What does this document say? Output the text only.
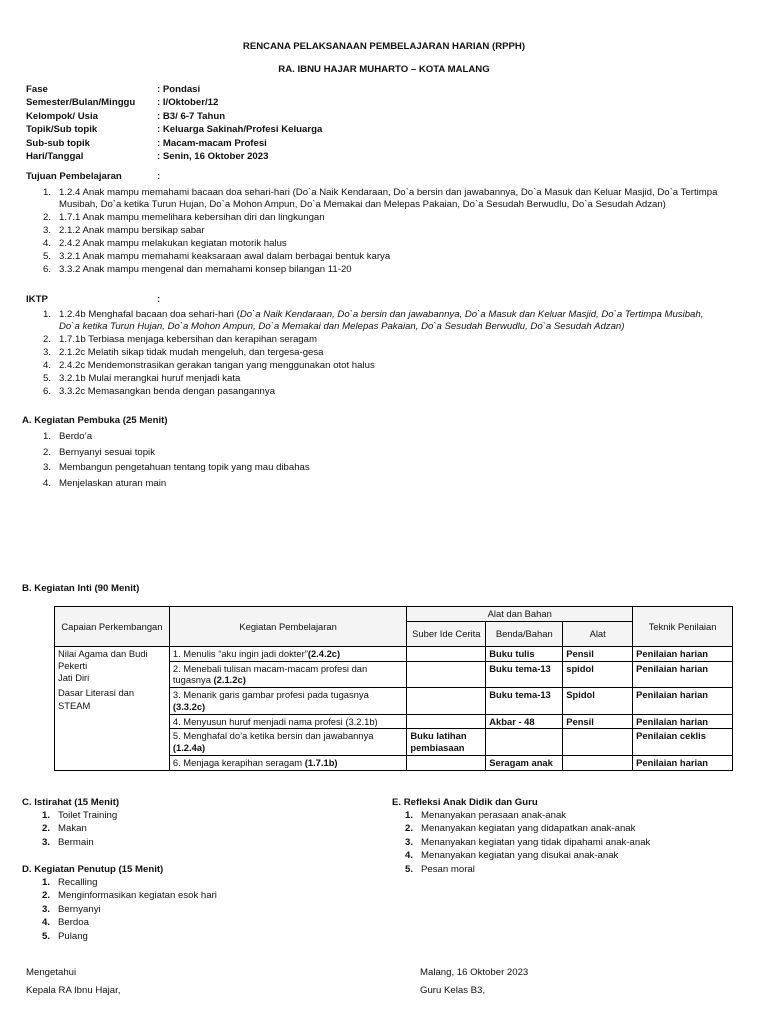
RENCANA PELAKSANAAN PEMBELAJARAN HARIAN (RPPH)
RA. IBNU HAJAR MUHARTO – KOTA MALANG
Fase	: Pondasi
Semester/Bulan/Minggu	: I/Oktober/12
Kelompok/ Usia	: B3/ 6-7 Tahun
Topik/Sub topik	: Keluarga Sakinah/Profesi Keluarga
Sub-sub topik	: Macam-macam Profesi
Hari/Tanggal	: Senin, 16 Oktober 2023
Tujuan Pembelajaran	:
1. 1.2.4 Anak mampu memahami bacaan doa sehari-hari (Do`a Naik Kendaraan, Do`a bersin dan jawabannya, Do`a Masuk dan Keluar Masjid, Do`a Tertimpa
Musibah, Do`a ketika Turun Hujan, Do`a Mohon Ampun, Do`a Memakai dan Melepas Pakaian, Do`a Sesudah Berwudlu, Do`a Sesudah Adzan)
2. 1.7.1 Anak mampu memelihara kebersihan diri dan lingkungan
3. 2.1.2 Anak mampu bersikap sabar
4. 2.4.2 Anak mampu melakukan kegiatan motorik halus
5. 3.2.1 Anak mampu memahami keaksaraan awal dalam berbagai bentuk karya
6. 3.3.2 Anak mampu mengenal dan memahami konsep bilangan 11-20
IKTP	:
1. 1.2.4b Menghafal bacaan doa sehari-hari (Do`a Naik Kendaraan, Do`a bersin dan jawabannya, Do`a Masuk dan Keluar Masjid, Do`a Tertimpa Musibah,
Do`a ketika Turun Hujan, Do`a Mohon Ampun, Do`a Memakai dan Melepas Pakaian, Do`a Sesudah Berwudlu, Do`a Sesudah Adzan)
2. 1.7.1b Terbiasa menjaga kebersihan dan kerapihan seragam
3. 2.1.2c Melatih sikap tidak mudah mengeluh, dan tergesa-gesa
4. 2.4.2c Mendemonstrasikan gerakan tangan yang menggunakan otot halus
5. 3.2.1b Mulai merangkai huruf menjadi kata
6. 3.3.2c Memasangkan benda dengan pasangannya
A. Kegiatan Pembuka (25 Menit)
1. Berdo’a
2. Bernyanyi sesuai topik
3. Membangun pengetahuan tentang topik yang mau dibahas
4. Menjelaskan aturan main
B. Kegiatan Inti (90 Menit)
Capaian Perkembangan	Kegiatan Pembelajaran	Alat dan Bahan			Teknik Penilaian
		Suber Ide Cerita	Benda/Bahan	Alat	

Nilai Agama dan Budi
Pekerti
Jati Diri
Dasar Literasi dan
STEAM	1. Menulis “aku ingin jadi dokter”(2.4.2c)		Buku tulis	Pensil	Penilaian harian
	2. Menebali tulisan macam-macam profesi dan tugasnya (2.1.2c)		Buku tema-13	spidol	Penilaian harian
	3. Menarik garis gambar profesi pada tugasnya (3.3.2c)		Buku tema-13	Spidol	Penilaian harian
	4. Menyusun huruf menjadi nama profesi (3.2.1b)		Akbar - 48	Pensil	Penilaian harian
	5. Menghafal do’a ketika bersin dan jawabannya (1.2.4a)	Buku latihan pembiasaan			Penilaian ceklis
	6. Menjaga kerapihan seragam (1.7.1b)		Seragam anak		Penilaian harian
C. Istirahat (15 Menit)
1. Toilet Training
2. Makan
3. Bermain
D. Kegiatan Penutup (15 Menit)
1. Recalling
2. Menginformasikan kegiatan esok hari
3. Bernyanyi
4. Berdoa
5. Pulang
E. Refleksi Anak Didik dan Guru
1. Menanyakan perasaan anak-anak
2. Menanyakan kegiatan yang didapatkan anak-anak
3. Menanyakan kegiatan yang tidak dipahami anak-anak
4. Menanyakan kegiatan yang disukai anak-anak
5. Pesan moral
Mengetahui
Kepala RA Ibnu Hajar,
Malang, 16 Oktober 2023
Guru Kelas B3,
